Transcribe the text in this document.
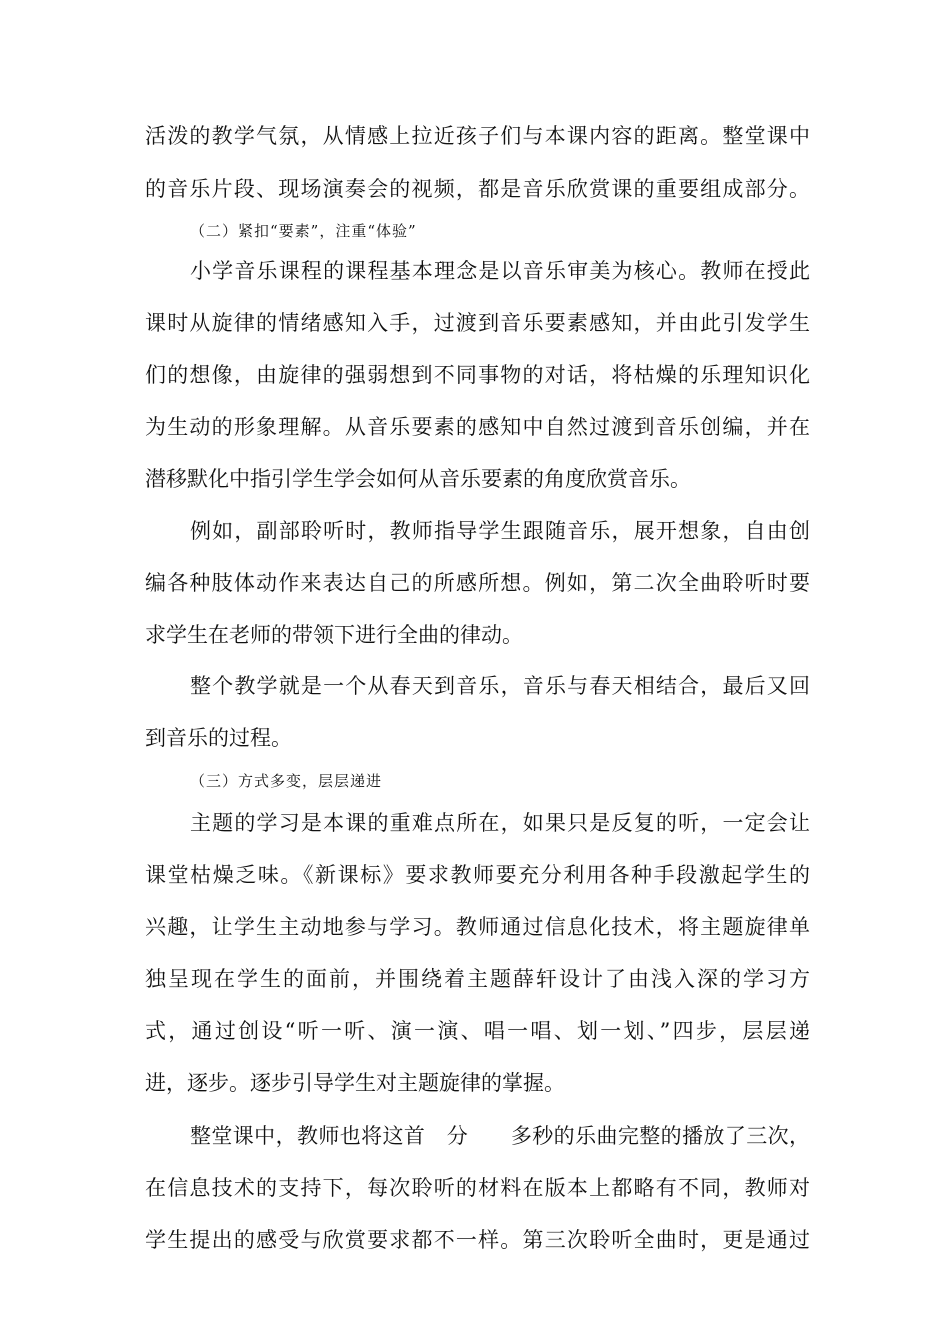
活泼的教学气氛，从情感上拉近孩子们与本课内容的距离。整堂课中
的音乐片段、现场演奏会的视频，都是音乐欣赏课的重要组成部分。
（二）紧扣“要素”，注重“体验”
小学音乐课程的课程基本理念是以音乐审美为核心。教师在授此
课时从旋律的情绪感知入手，过渡到音乐要素感知，并由此引发学生
们的想像，由旋律的强弱想到不同事物的对话，将枯燥的乐理知识化
为生动的形象理解。从音乐要素的感知中自然过渡到音乐创编，并在
潜移默化中指引学生学会如何从音乐要素的角度欣赏音乐。
例如，副部聆听时，教师指导学生跟随音乐，展开想象，自由创
编各种肢体动作来表达自己的所感所想。例如，第二次全曲聆听时要
求学生在老师的带领下进行全曲的律动。
整个教学就是一个从春天到音乐，音乐与春天相结合，最后又回
到音乐的过程。
（三）方式多变，层层递进
主题的学习是本课的重难点所在，如果只是反复的听，一定会让
课堂枯燥乏味。《新课标》要求教师要充分利用各种手段激起学生的
兴趣，让学生主动地参与学习。教师通过信息化技术，将主题旋律单
独呈现在学生的面前，并围绕着主题薛轩设计了由浅入深的学习方
式，通过创设“听一听、演一演、唱一唱、划一划、”四步，层层递
进，逐步。逐步引导学生对主题旋律的掌握。
整堂课中，教师也将这首　分　　多秒的乐曲完整的播放了三次，
在信息技术的支持下，每次聆听的材料在版本上都略有不同，教师对
学生提出的感受与欣赏要求都不一样。第三次聆听全曲时，更是通过
